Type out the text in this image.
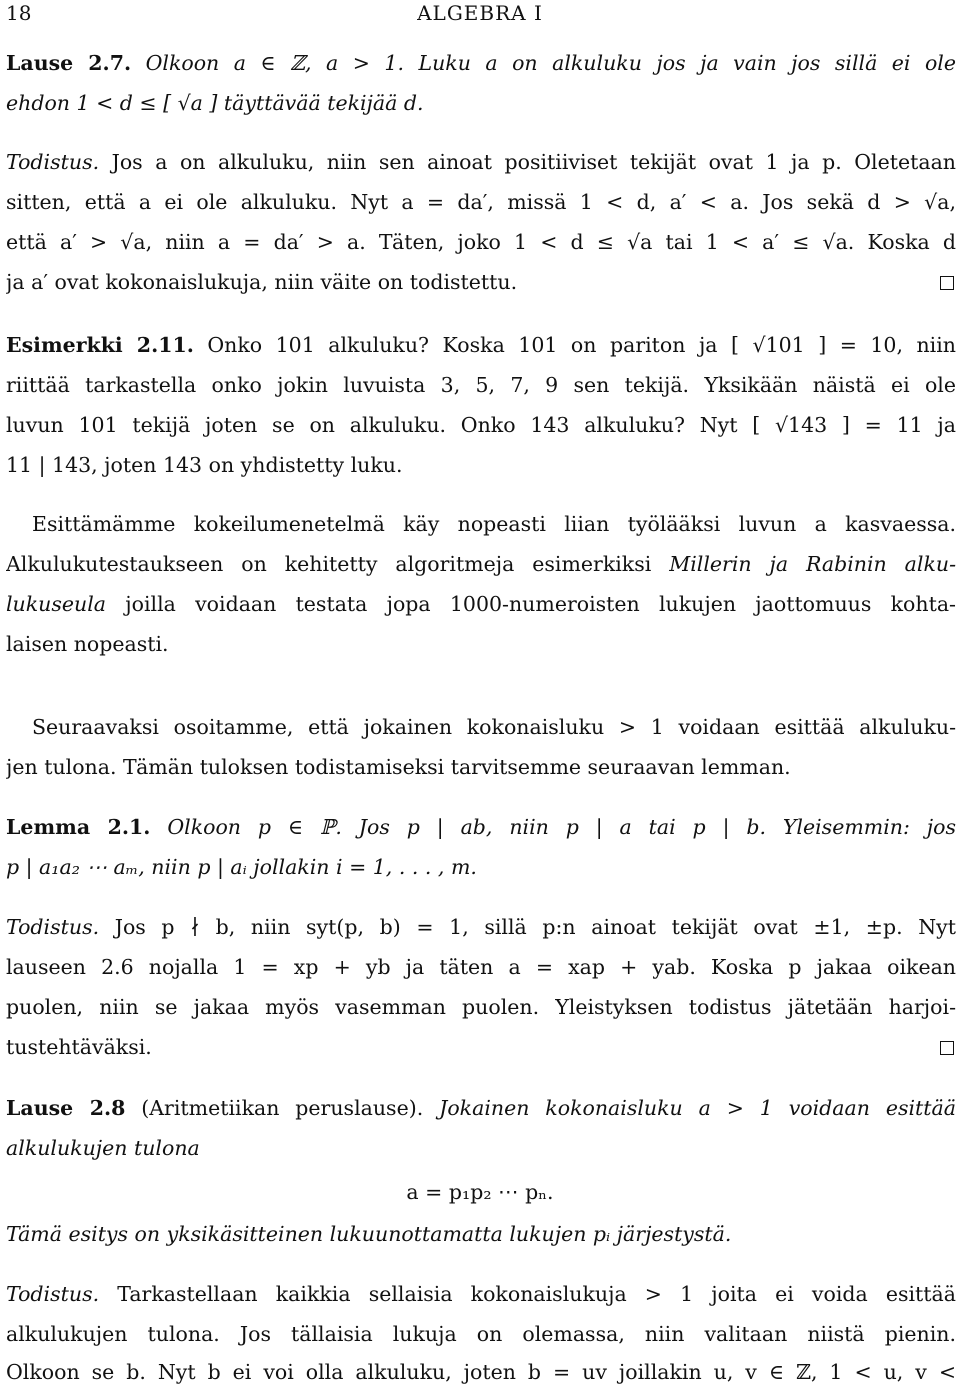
18	ALGEBRA I
Lause 2.7. Olkoon a ∈ ℤ, a > 1. Luku a on alkuluku jos ja vain jos sillä ei ole
ehdon 1 < d ≤ [ √a ] täyttävää tekijää d.
Todistus. Jos a on alkuluku, niin sen ainoat positiiviset tekijät ovat 1 ja p. Oletetaan
sitten, että a ei ole alkuluku. Nyt a = da′, missä 1 < d, a′ < a. Jos sekä d > √a,
että a′ > √a, niin a = da′ > a. Täten, joko 1 < d ≤ √a tai 1 < a′ ≤ √a. Koska d
ja a′ ovat kokonaislukuja, niin väite on todistettu.
Esimerkki 2.11. Onko 101 alkuluku? Koska 101 on pariton ja [ √101 ] = 10, niin
riittää tarkastella onko jokin luvuista 3, 5, 7, 9 sen tekijä. Yksikään näistä ei ole
luvun 101 tekijä joten se on alkuluku. Onko 143 alkuluku? Nyt [ √143 ] = 11 ja
11 | 143, joten 143 on yhdistetty luku.
Esittämämme kokeilumenetelmä käy nopeasti liian työlääksi luvun a kasvaessa.
Alkulukutestaukseen on kehitetty algoritmeja esimerkiksi Millerin ja Rabinin alku-
lukuseula joilla voidaan testata jopa 1000-numeroisten lukujen jaottomuus kohta-
laisen nopeasti.
Seuraavaksi osoitamme, että jokainen kokonaisluku > 1 voidaan esittää alkuluku-
jen tulona. Tämän tuloksen todistamiseksi tarvitsemme seuraavan lemman.
Lemma 2.1. Olkoon p ∈ ℙ. Jos p | ab, niin p | a tai p | b. Yleisemmin: jos
p | a₁a₂ ⋯ aₘ, niin p | aᵢ jollakin i = 1, . . . , m.
Todistus. Jos p ∤ b, niin syt(p, b) = 1, sillä p:n ainoat tekijät ovat ±1, ±p. Nyt
lauseen 2.6 nojalla 1 = xp + yb ja täten a = xap + yab. Koska p jakaa oikean
puolen, niin se jakaa myös vasemman puolen. Yleistyksen todistus jätetään harjoi-
tustehtäväksi.
Lause 2.8 (Aritmetiikan peruslause). Jokainen kokonaisluku a > 1 voidaan esittää
alkulukujen tulona
a = p₁p₂ ⋯ pₙ.
Tämä esitys on yksikäsitteinen lukuunottamatta lukujen pᵢ järjestystä.
Todistus. Tarkastellaan kaikkia sellaisia kokonaislukuja > 1 joita ei voida esittää
alkulukujen tulona. Jos tällaisia lukuja on olemassa, niin valitaan niistä pienin.
Olkoon se b. Nyt b ei voi olla alkuluku, joten b = uv joillakin u, v ∈ ℤ, 1 < u, v <
